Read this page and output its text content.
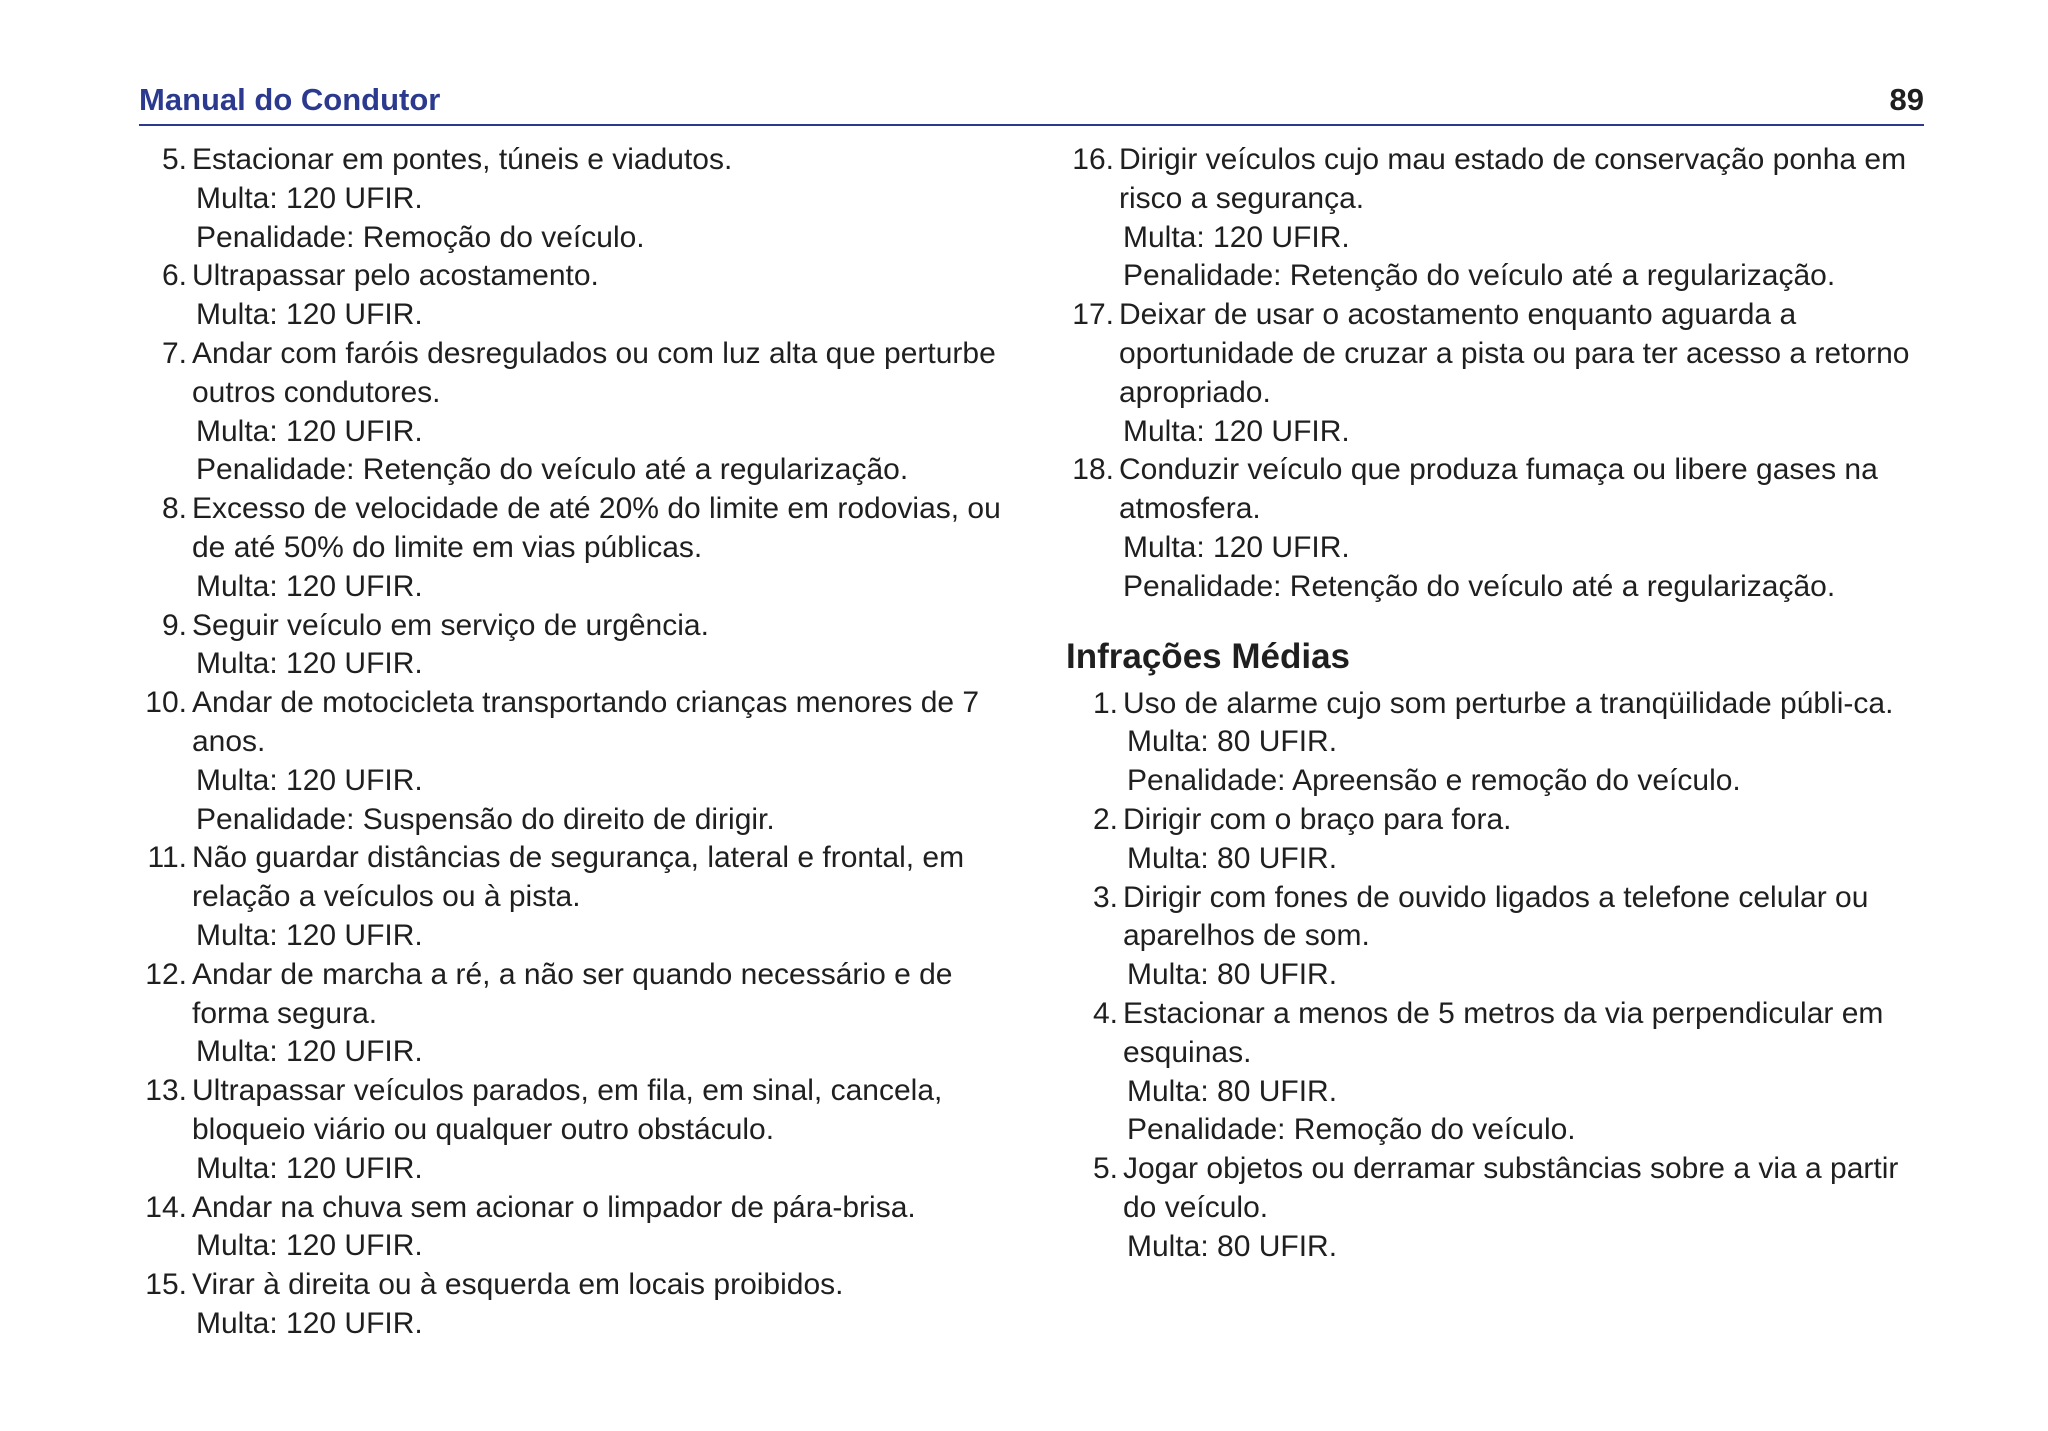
Manual do Condutor	89
5. Estacionar em pontes, túneis e viadutos.
Multa: 120 UFIR.
Penalidade: Remoção do veículo.
6. Ultrapassar pelo acostamento.
Multa: 120 UFIR.
7. Andar com faróis desregulados ou com luz alta que perturbe outros condutores.
Multa: 120 UFIR.
Penalidade: Retenção do veículo até a regularização.
8. Excesso de velocidade de até 20% do limite em rodovias, ou de até 50% do limite em vias públicas.
Multa: 120 UFIR.
9. Seguir veículo em serviço de urgência.
Multa: 120 UFIR.
10. Andar de motocicleta transportando crianças menores de 7 anos.
Multa: 120 UFIR.
Penalidade: Suspensão do direito de dirigir.
11. Não guardar distâncias de segurança, lateral e frontal, em relação a veículos ou à pista.
Multa: 120 UFIR.
12. Andar de marcha a ré, a não ser quando necessário e de forma segura.
Multa: 120 UFIR.
13. Ultrapassar veículos parados, em fila, em sinal, cancela, bloqueio viário ou qualquer outro obstáculo.
Multa: 120 UFIR.
14. Andar na chuva sem acionar o limpador de pára-brisa.
Multa: 120 UFIR.
15. Virar à direita ou à esquerda em locais proibidos.
Multa: 120 UFIR.
16. Dirigir veículos cujo mau estado de conservação ponha em risco a segurança.
Multa: 120 UFIR.
Penalidade: Retenção do veículo até a regularização.
17. Deixar de usar o acostamento enquanto aguarda a oportunidade de cruzar a pista ou para ter acesso a retorno apropriado.
Multa: 120 UFIR.
18. Conduzir veículo que produza fumaça ou libere gases na atmosfera.
Multa: 120 UFIR.
Penalidade: Retenção do veículo até a regularização.
Infrações Médias
1. Uso de alarme cujo som perturbe a tranqüilidade públi-ca.
Multa: 80 UFIR.
Penalidade: Apreensão e remoção do veículo.
2. Dirigir com o braço para fora.
Multa: 80 UFIR.
3. Dirigir com fones de ouvido ligados a telefone celular ou aparelhos de som.
Multa: 80 UFIR.
4. Estacionar a menos de 5 metros da via perpendicular em esquinas.
Multa: 80 UFIR.
Penalidade: Remoção do veículo.
5. Jogar objetos ou derramar substâncias sobre a via a partir do veículo.
Multa: 80 UFIR.
